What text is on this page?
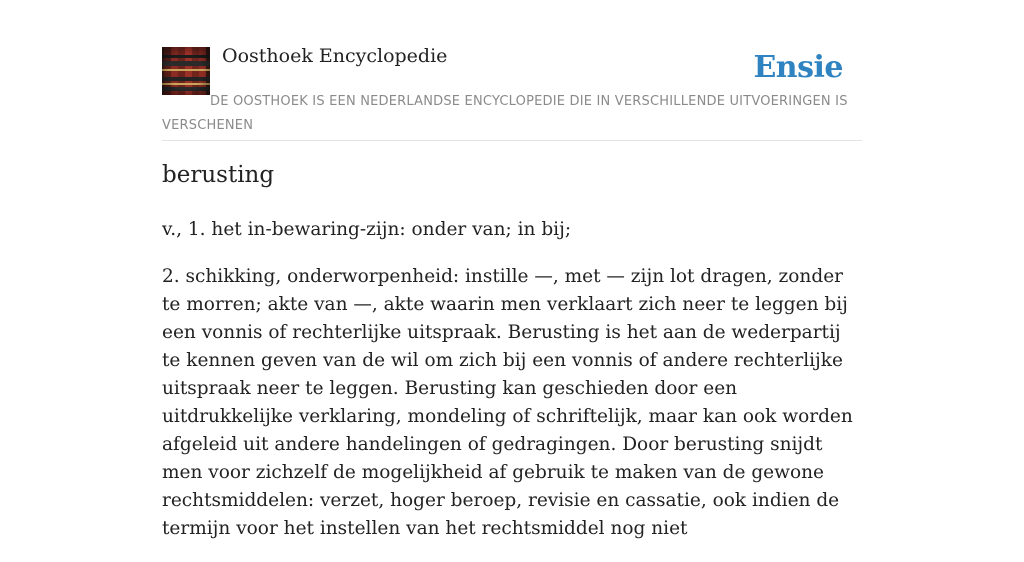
Oosthoek Encyclopedie	Ensie
DE OOSTHOEK IS EEN NEDERLANDSE ENCYCLOPEDIE DIE IN VERSCHILLENDE UITVOERINGEN IS VERSCHENEN
berusting

v., 1. het in-bewaring-zijn: onder van; in bij;

2. schikking, onderworpenheid: instille —, met — zijn lot dragen, zonder te morren; akte van —, akte waarin men verklaart zich neer te leggen bij een vonnis of rechterlijke uitspraak. Berusting is het aan de wederpartij te kennen geven van de wil om zich bij een vonnis of andere rechterlijke uitspraak neer te leggen. Berusting kan geschieden door een uitdrukkelijke verklaring, mondeling of schriftelijk, maar kan ook worden afgeleid uit andere handelingen of gedragingen. Door berusting snijdt men voor zichzelf de mogelijkheid af gebruik te maken van de gewone rechtsmiddelen: verzet, hoger beroep, revisie en cassatie, ook indien de termijn voor het instellen van het rechtsmiddel nog niet
